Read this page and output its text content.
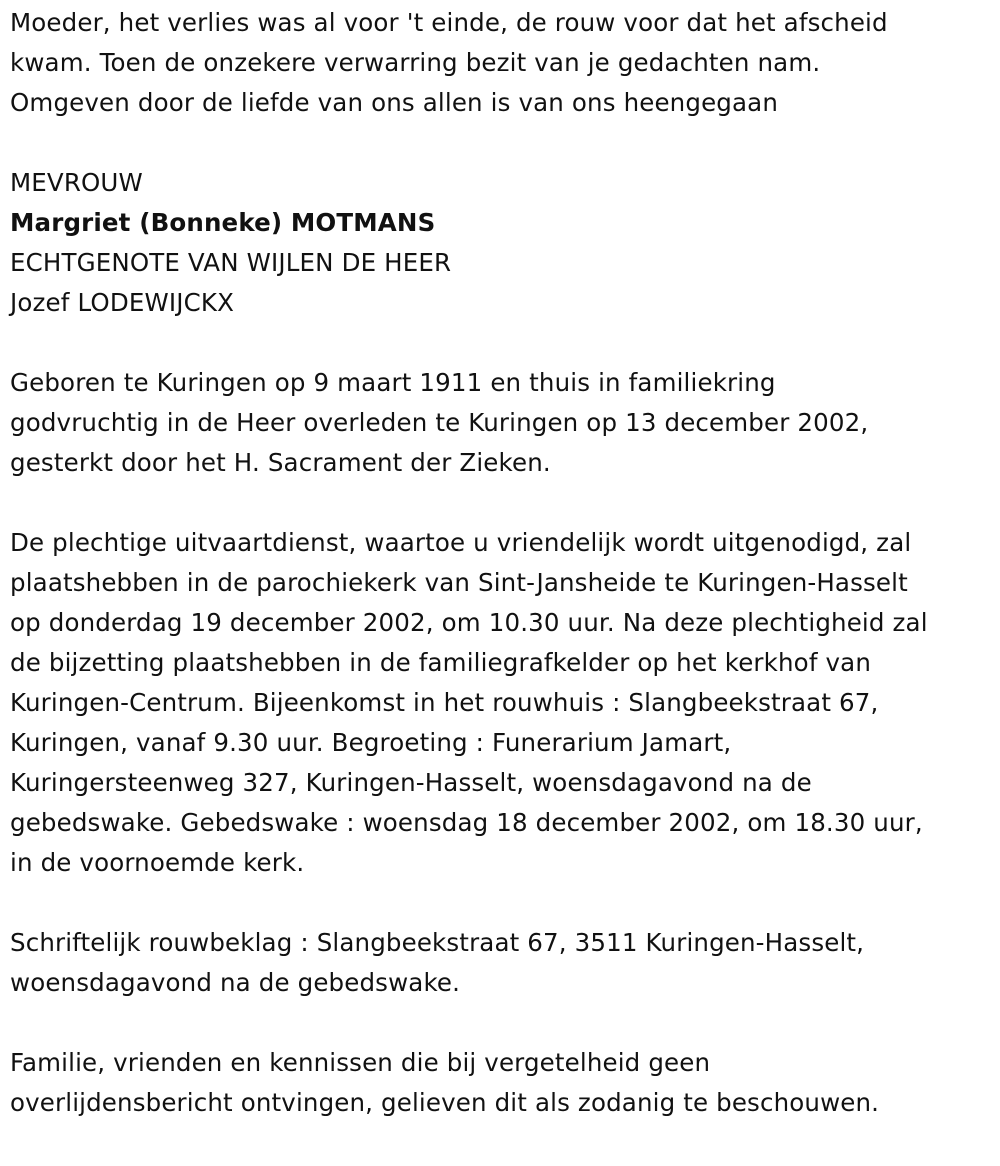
Moeder, het verlies was al voor 't einde, de rouw voor dat het afscheid
kwam. Toen de onzekere verwarring bezit van je gedachten nam.
Omgeven door de liefde van ons allen is van ons heengegaan
MEVROUW
Margriet (Bonneke) MOTMANS
ECHTGENOTE VAN WIJLEN DE HEER
Jozef LODEWIJCKX
Geboren te Kuringen op 9 maart 1911 en thuis in familiekring
godvruchtig in de Heer overleden te Kuringen op 13 december 2002,
gesterkt door het H. Sacrament der Zieken.
De plechtige uitvaartdienst, waartoe u vriendelijk wordt uitgenodigd, zal
plaatshebben in de parochiekerk van Sint-Jansheide te Kuringen-Hasselt
op donderdag 19 december 2002, om 10.30 uur. Na deze plechtigheid zal
de bijzetting plaatshebben in de familiegrafkelder op het kerkhof van
Kuringen-Centrum. Bijeenkomst in het rouwhuis : Slangbeekstraat 67,
Kuringen, vanaf 9.30 uur. Begroeting : Funerarium Jamart,
Kuringersteenweg 327, Kuringen-Hasselt, woensdagavond na de
gebedswake. Gebedswake : woensdag 18 december 2002, om 18.30 uur,
in de voornoemde kerk.
Schriftelijk rouwbeklag : Slangbeekstraat 67, 3511 Kuringen-Hasselt,
woensdagavond na de gebedswake.
Familie, vrienden en kennissen die bij vergetelheid geen
overlijdensbericht ontvingen, gelieven dit als zodanig te beschouwen.
